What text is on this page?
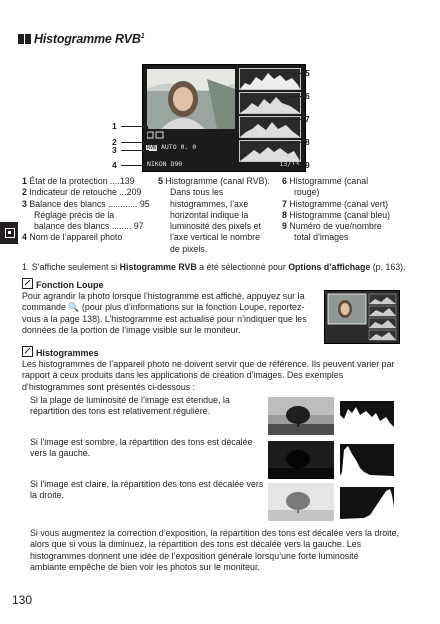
Histogramme RVB$^1$
RVB AUTO 0. 0
NIKON D90	13/13
1
2
3
4
5
6
7
8
9
1 État de la protection ....139
2 Indicateur de retouche ...209
3 Balance des blancs ............ 95
Réglage précis de la
balance des blancs ........ 97
4 Nom de l’appareil photo
5 Histogramme (canal RVB).
Dans tous les
histogrammes, l’axe
horizontal indique la
luminosité des pixels et
l’axe vertical le nombre
de pixels.
6 Histogramme (canal
rouge)
7 Histogramme (canal vert)
8 Histogramme (canal bleu)
9 Numéro de vue/nombre
total d’images
1 S’affiche seulement si Histogramme RVB a été sélectionné pour Options d’affichage (p. 163).
Fonction Loupe
Pour agrandir la photo lorsque l’histogramme est affiché, appuyez sur la
commande 🔍 (pour plus d’informations sur la fonction Loupe, reportez-
vous à la page 138). L’histogramme est actualisé pour n’indiquer que les
données de la portion de l’image visible sur le moniteur.
Histogrammes
Les histogrammes de l’appareil photo ne doivent servir que de référence. Ils peuvent varier par
rapport à ceux produits dans les applications de création d’images. Des exemples
d’histogrammes sont présentés ci-dessous :
Si la plage de luminosité de l’image est étendue, la
répartition des tons est relativement régulière.
Si l’image est sombre, la répartition des tons est décalée
vers la gauche.
Si l’image est claire, la répartition des tons est décalée vers
la droite.
Si vous augmentez la correction d’exposition, la répartition des tons est décalée vers la droite,
alors que si vous la diminuez, la répartition des tons est décalée vers la gauche. Les
histogrammes donnent une idée de l’exposition générale lorsqu’une forte luminosité
ambiante empêche de bien voir les photos sur le moniteur.
130
